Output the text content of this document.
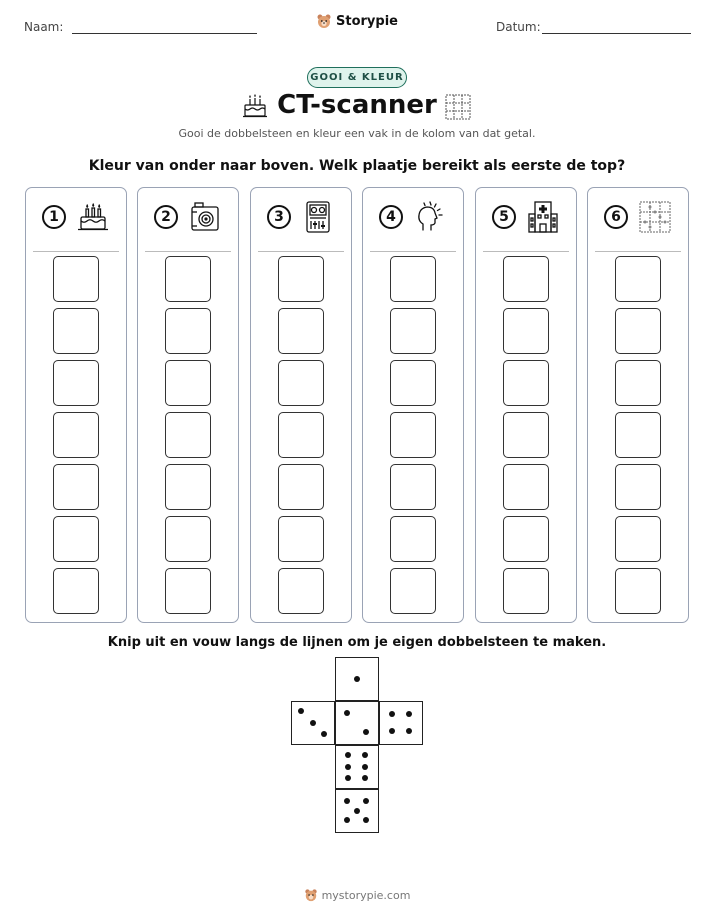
Naam:	Datum:
Storypie
GOOI & KLEUR
CT-scanner
Gooi de dobbelsteen en kleur een vak in de kolom van dat getal.
Kleur van onder naar boven. Welk plaatje bereikt als eerste de top?
1	2	3	4	5	6
Knip uit en vouw langs de lijnen om je eigen dobbelsteen te maken.
mystorypie.com
